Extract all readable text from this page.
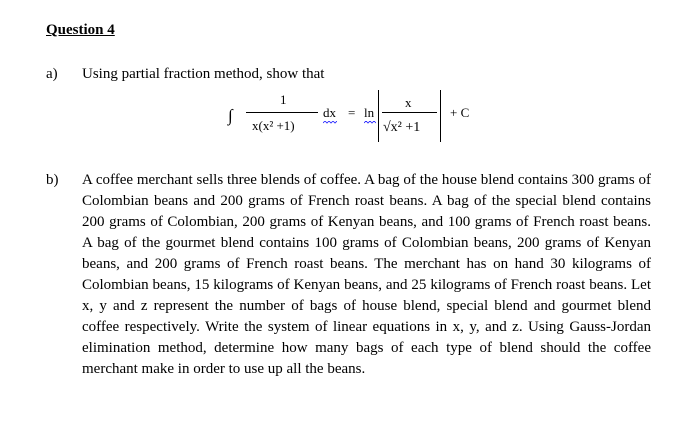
Question 4
a) Using partial fraction method, show that
∫
1
x(x² +1)
dx = ln
x
√x² +1
+ C
b) A coffee merchant sells three blends of coffee. A bag of the house blend contains 300 grams of Colombian beans and 200 grams of French roast beans. A bag of the special blend contains 200 grams of Colombian, 200 grams of Kenyan beans, and 100 grams of French roast beans. A bag of the gourmet blend contains 100 grams of Colombian beans, 200 grams of Kenyan beans, and 200 grams of French roast beans. The merchant has on hand 30 kilograms of Colombian beans, 15 kilograms of Kenyan beans, and 25 kilograms of French roast beans. Let x, y and z represent the number of bags of house blend, special blend and gourmet blend coffee respectively. Write the system of linear equations in x, y, and z. Using Gauss-Jordan elimination method, determine how many bags of each type of blend should the coffee merchant make in order to use up all the beans.
